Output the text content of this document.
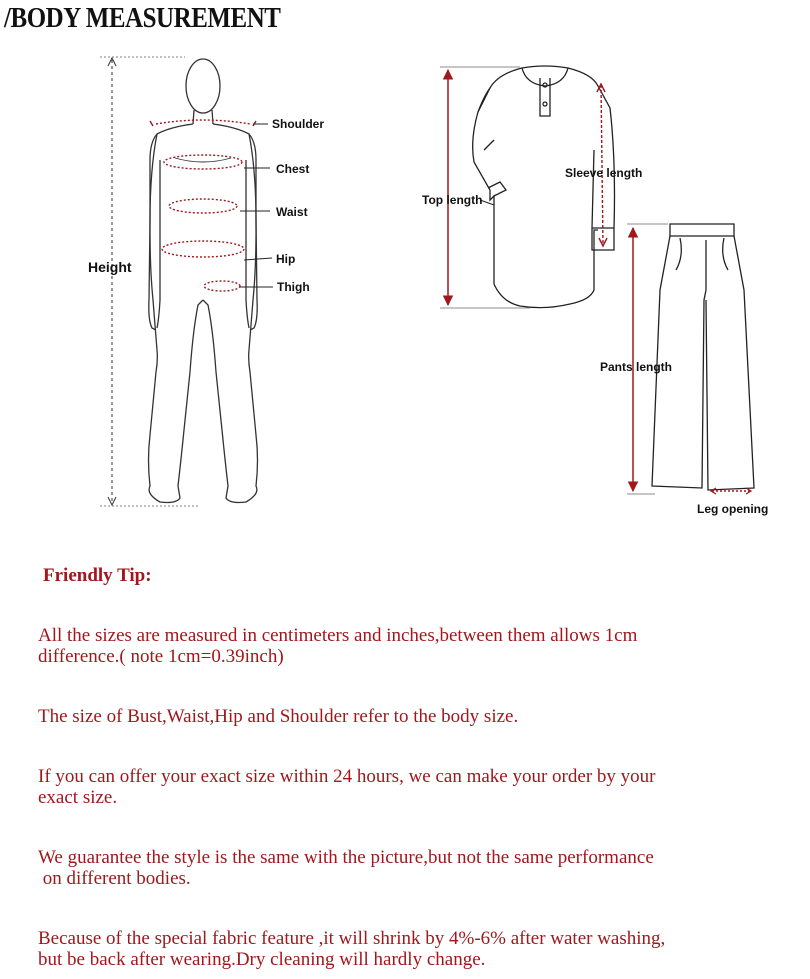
/BODY MEASUREMENT
Shoulder
Chest
Waist
Hip
Thigh
Height
Top length
Sleeve length
Pants length
Leg opening
Friendly Tip:
All the sizes are measured in centimeters and inches,between them allows 1cm
difference.( note 1cm=0.39inch)
The size of Bust,Waist,Hip and Shoulder refer to the body size.
If you can offer your exact size within 24 hours, we can make your order by your
exact size.
We guarantee the style is the same with the picture,but not the same performance
on different bodies.
Because of the special fabric feature ,it will shrink by 4%-6% after water washing,
but be back after wearing.Dry cleaning will hardly change.
